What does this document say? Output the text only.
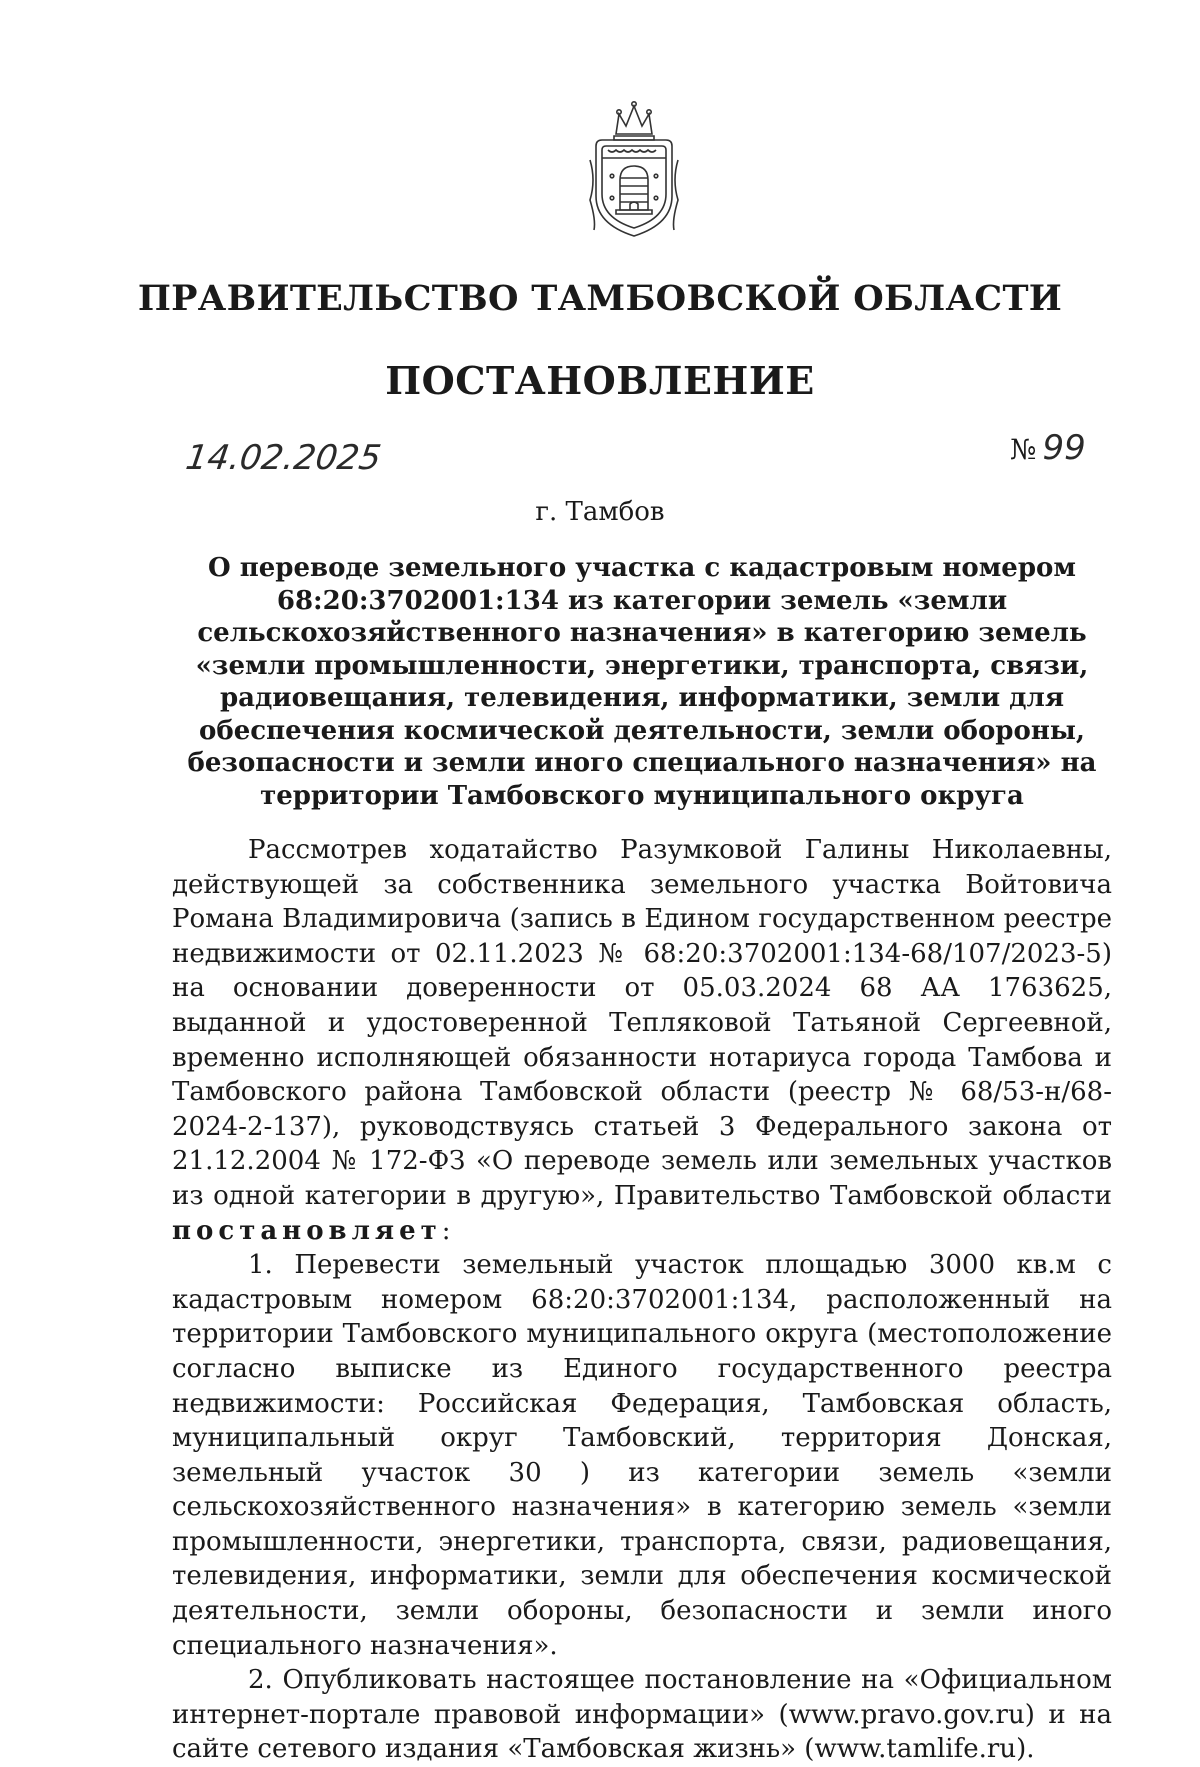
ПРАВИТЕЛЬСТВО ТАМБОВСКОЙ ОБЛАСТИ
ПОСТАНОВЛЕНИЕ
14.02.2025	№ 99
г. Тамбов
О переводе земельного участка с кадастровым номером 68:20:3702001:134 из категории земель «земли сельскохозяйственного назначения» в категорию земель «земли промышленности, энергетики, транспорта, связи, радиовещания, телевидения, информатики, земли для обеспечения космической деятельности, земли обороны, безопасности и земли иного специального назначения» на территории Тамбовского муниципального округа

Рассмотрев ходатайство Разумковой Галины Николаевны, действующей за собственника земельного участка Войтовича Романа Владимировича (запись в Едином государственном реестре недвижимости от 02.11.2023 № 68:20:3702001:134-68/107/2023-5) на основании доверенности от 05.03.2024 68 АА 1763625, выданной и удостоверенной Тепляковой Татьяной Сергеевной, временно исполняющей обязанности нотариуса города Тамбова и Тамбовского района Тамбовской области (реестр № 68/53-н/68-2024-2-137), руководствуясь статьей 3 Федерального закона от 21.12.2004 № 172-ФЗ «О переводе земель или земельных участков из одной категории в другую», Правительство Тамбовской области постановляет:

1. Перевести земельный участок площадью 3000 кв.м с кадастровым номером 68:20:3702001:134, расположенный на территории Тамбовского муниципального округа (местоположение согласно выписке из Единого государственного реестра недвижимости: Российская Федерация, Тамбовская область, муниципальный округ Тамбовский, территория Донская, земельный участок 30 ) из категории земель «земли сельскохозяйственного назначения» в категорию земель «земли промышленности, энергетики, транспорта, связи, радиовещания, телевидения, информатики, земли для обеспечения космической деятельности, земли обороны, безопасности и земли иного специального назначения».

2. Опубликовать настоящее постановление на «Официальном интернет-портале правовой информации» (www.pravo.gov.ru) и на сайте сетевого издания «Тамбовская жизнь» (www.tamlife.ru).
